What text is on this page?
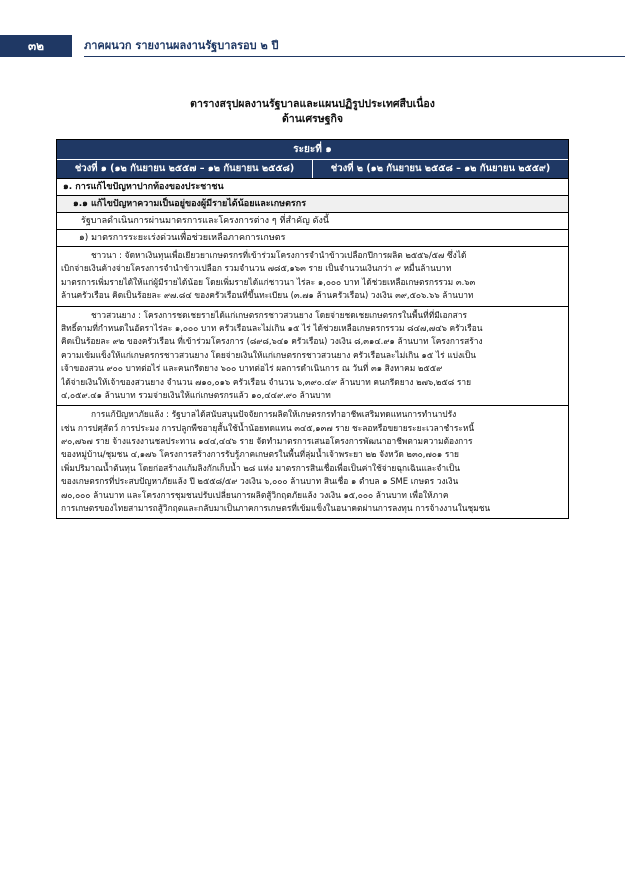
๓๒	ภาคผนวก รายงานผลงานรัฐบาลรอบ ๒ ปี
ตารางสรุปผลงานรัฐบาลและแผนปฏิรูปประเทศสืบเนื่อง
ด้านเศรษฐกิจ
ระยะที่ ๑
ช่วงที่ ๑ (๑๒ กันยายน ๒๕๕๗ – ๑๒ กันยายน ๒๕๕๘)	ช่วงที่ ๒ (๑๒ กันยายน ๒๕๕๘ – ๑๒ กันยายน ๒๕๕๙)
๑. การแก้ไขปัญหาปากท้องของประชาชน
๑.๑ แก้ไขปัญหาความเป็นอยู่ของผู้มีรายได้น้อยและเกษตรกร
รัฐบาลดำเนินการผ่านมาตรการและโครงการต่าง ๆ ที่สำคัญ ดังนี้
๑) มาตรการระยะเร่งด่วนเพื่อช่วยเหลือภาคการเกษตร
ชาวนา : จัดหาเงินทุนเพื่อเยียวยาเกษตรกรที่เข้าร่วมโครงการจำนำข้าวเปลือกปีการผลิต ๒๕๕๖/๕๗ ซึ่งได้
เบิกจ่ายเงินค้างจ่ายโครงการจำนำข้าวเปลือก รวมจำนวน ๗๘๕,๑๖๓ ราย เป็นจำนวนเงินกว่า ๙ หมื่นล้านบาท
มาตรการเพิ่มรายได้ให้แก่ผู้มีรายได้น้อย โดยเพิ่มรายได้แก่ชาวนา ไร่ละ ๑,๐๐๐ บาท ได้ช่วยเหลือเกษตรกรรวม ๓.๖๓
ล้านครัวเรือน คิดเป็นร้อยละ ๙๗.๘๔ ของครัวเรือนที่ขึ้นทะเบียน (๓.๗๑ ล้านครัวเรือน) วงเงิน ๓๙,๕๐๖.๖๖ ล้านบาท
ชาวสวนยาง : โครงการชดเชยรายได้แก่เกษตรกรชาวสวนยาง โดยจ่ายชดเชยเกษตรกรในพื้นที่ที่มีเอกสาร
สิทธิ์ตามที่กำหนดในอัตราไร่ละ ๑,๐๐๐ บาท ครัวเรือนละไม่เกิน ๑๕ ไร่ ได้ช่วยเหลือเกษตรกรรวม ๘๔๗,๗๔๖ ครัวเรือน
คิดเป็นร้อยละ ๙๒ ของครัวเรือน ที่เข้าร่วมโครงการ (๘๙๘,๖๔๑ ครัวเรือน) วงเงิน ๘,๓๑๔.๙๑ ล้านบาท โครงการสร้าง
ความเข้มแข็งให้แก่เกษตรกรชาวสวนยาง โดยจ่ายเงินให้แก่เกษตรกรชาวสวนยาง ครัวเรือนละไม่เกิน ๑๕ ไร่ แบ่งเป็น
เจ้าของสวน ๙๐๐ บาทต่อไร่ และคนกรีดยาง ๖๐๐ บาทต่อไร่ ผลการดำเนินการ ณ วันที่ ๓๑ สิงหาคม ๒๕๕๙
ได้จ่ายเงินให้เจ้าของสวนยาง จำนวน ๗๑๐,๐๑๖ ครัวเรือน จำนวน ๖,๓๙๐.๔๙ ล้านบาท คนกรีดยาง ๒๗๖,๒๕๘ ราย
๔,๐๕๙.๔๑ ล้านบาท รวมจ่ายเงินให้แก่เกษตรกรแล้ว ๑๐,๔๔๙.๙๐ ล้านบาท
การแก้ปัญหาภัยแล้ง : รัฐบาลได้สนับสนุนปัจจัยการผลิตให้เกษตรกรทำอาชีพเสริมทดแทนการทำนาปรัง
เช่น การปศุสัตว์ การประมง การปลูกพืชอายุสั้นใช้น้ำน้อยทดแทน ๓๔๕,๑๓๗ ราย ชะลอหรือขยายระยะเวลาชำระหนี้
๙๐,๗๖๗ ราย จ้างแรงงานชลประทาน ๑๔๔,๔๔๖ ราย จัดทำมาตรการเสนอโครงการพัฒนาอาชีพตามความต้องการ
ของหมู่บ้าน/ชุมชน ๔,๑๗๖ โครงการสร้างการรับรู้ภาคเกษตรในพื้นที่ลุ่มน้ำเจ้าพระยา ๒๒ จังหวัด ๒๓๐,๗๐๑ ราย
เพิ่มปริมาณน้ำต้นทุน โดยก่อสร้างแก้มลิงกักเก็บน้ำ ๒๘ แห่ง มาตรการสินเชื่อเพื่อเป็นค่าใช้จ่ายฉุกเฉินและจำเป็น
ของเกษตรกรที่ประสบปัญหาภัยแล้ง ปี ๒๕๕๘/๕๙ วงเงิน ๖,๐๐๐ ล้านบาท สินเชื่อ ๑ ตำบล ๑ SME เกษตร วงเงิน
๗๐,๐๐๐ ล้านบาท และโครงการชุมชนปรับเปลี่ยนการผลิตสู้วิกฤตภัยแล้ง วงเงิน ๑๕,๐๐๐ ล้านบาท เพื่อให้ภาค
การเกษตรของไทยสามารถสู้วิกฤตและกลับมาเป็นภาคการเกษตรที่เข้มแข็งในอนาคตผ่านการลงทุน การจ้างงานในชุมชน
